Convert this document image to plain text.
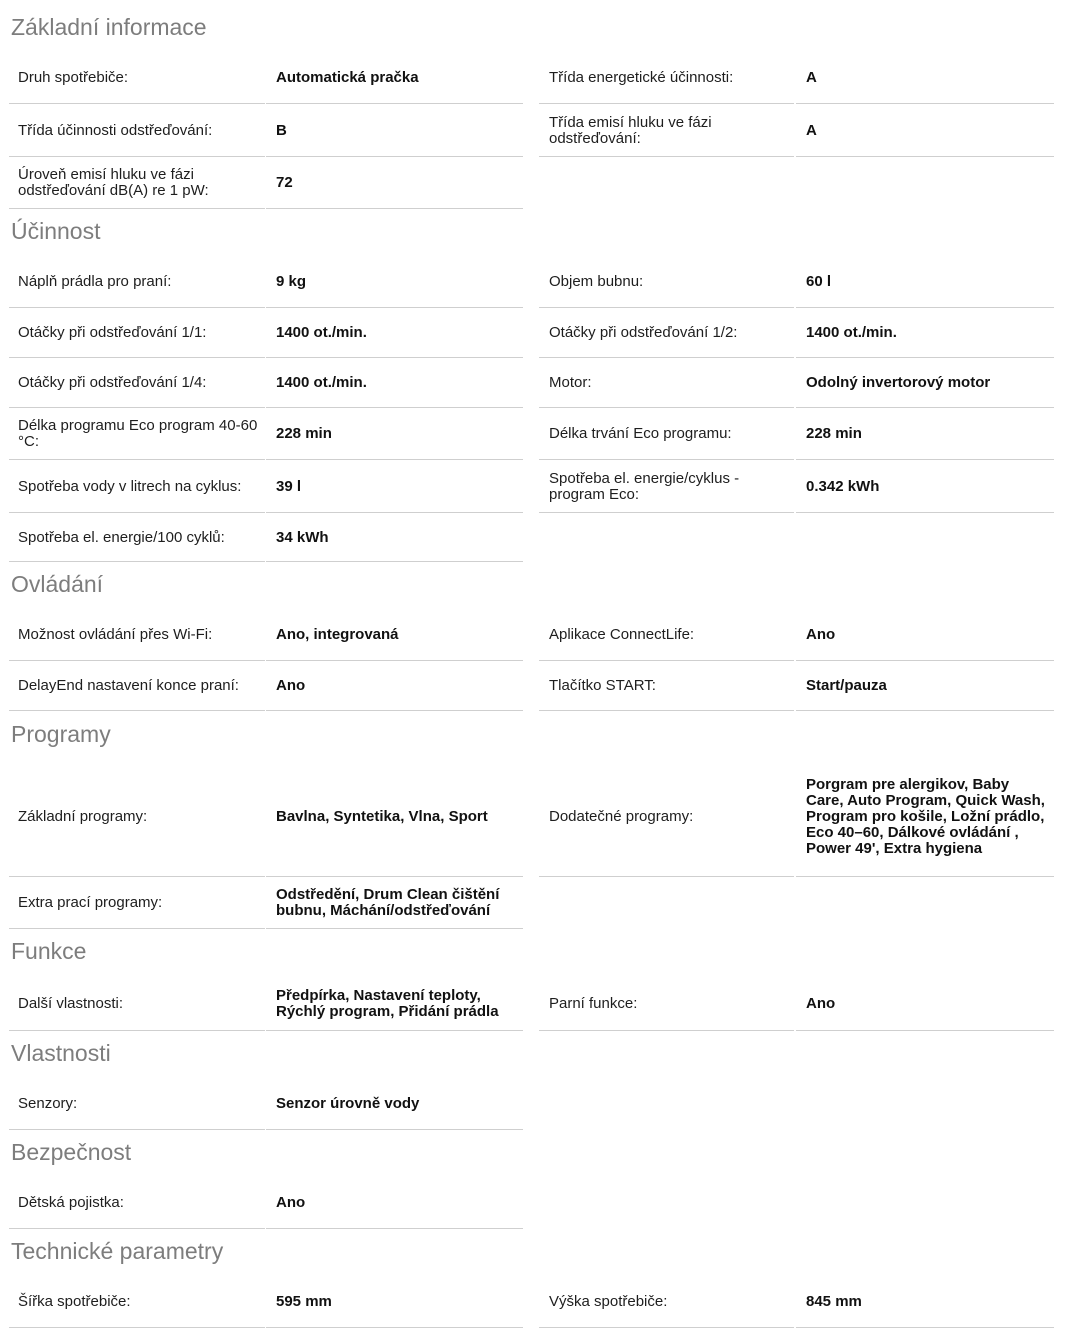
Základní informace
Druh spotřebiče:	Automatická pračka	Třída energetické účinnosti:	A
Třída účinnosti odstřeďování:	B	Třída emisí hluku ve fázi odstřeďování:	A
Úroveň emisí hluku ve fázi odstřeďování dB(A) re 1 pW:	72
Účinnost
Náplň prádla pro praní:	9 kg	Objem bubnu:	60 l
Otáčky při odstřeďování 1/1:	1400 ot./min.	Otáčky při odstřeďování 1/2:	1400 ot./min.
Otáčky při odstřeďování 1/4:	1400 ot./min.	Motor:	Odolný invertorový motor
Délka programu Eco program 40-60 °C:	228 min	Délka trvání Eco programu:	228 min
Spotřeba vody v litrech na cyklus:	39 l	Spotřeba el. energie/cyklus - program Eco:	0.342 kWh
Spotřeba el. energie/100 cyklů:	34 kWh
Ovládání
Možnost ovládání přes Wi-Fi:	Ano, integrovaná	Aplikace ConnectLife:	Ano
DelayEnd nastavení konce praní:	Ano	Tlačítko START:	Start/pauza
Programy
Základní programy:	Bavlna, Syntetika, Vlna, Sport	Dodatečné programy:
Porgram pre alergikov, Baby Care, Auto Program, Quick Wash, Program pro košile, Ložní prádlo, Eco 40–60, Dálkové ovládání , Power 49', Extra hygiena
Extra prací programy:	Odstředění, Drum Clean čištění bubnu, Máchání/odstřeďování
Funkce
Další vlastnosti:	Předpírka, Nastavení teploty, Rýchlý program, Přidání prádla	Parní funkce:	Ano
Vlastnosti
Senzory:	Senzor úrovně vody
Bezpečnost
Dětská pojistka:	Ano
Technické parametry
Šířka spotřebiče:	595 mm	Výška spotřebiče:	845 mm
